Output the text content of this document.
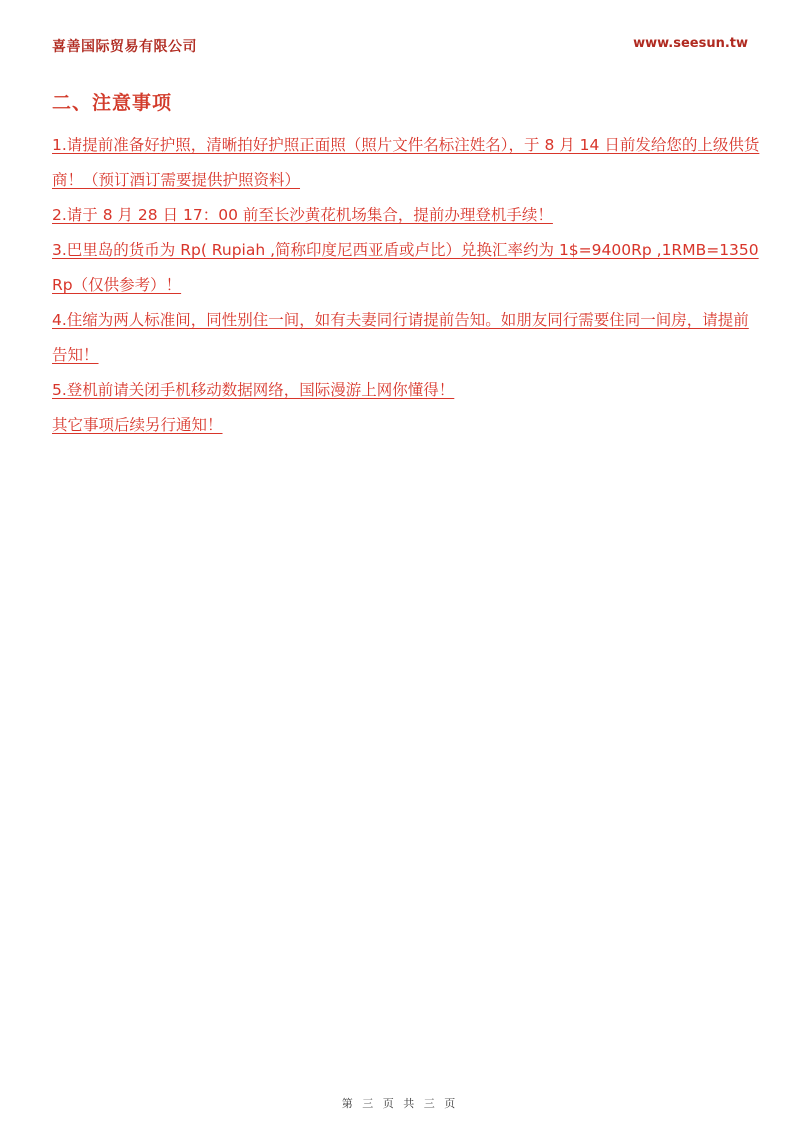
喜善国际贸易有限公司	www.seesun.tw
二、注意事项

1.请提前准备好护照，清晰拍好护照正面照（照片文件名标注姓名），于 8 月 14 日前发给您的上级供货商！（预订酒订需要提供护照资料）

2.请于 8 月 28 日 17：00 前至长沙黄花机场集合，提前办理登机手续！

3.巴里岛的货币为 Rp( Rupiah ,简称印度尼西亚盾或卢比）兑换汇率约为 1$=9400Rp ,1RMB=1350 Rp（仅供参考）！

4.住缩为两人标准间，同性别住一间，如有夫妻同行请提前告知。如朋友同行需要住同一间房，请提前告知！

5.登机前请关闭手机移动数据网络，国际漫游上网你懂得！

其它事项后续另行通知！

第 三 页 共 三 页
